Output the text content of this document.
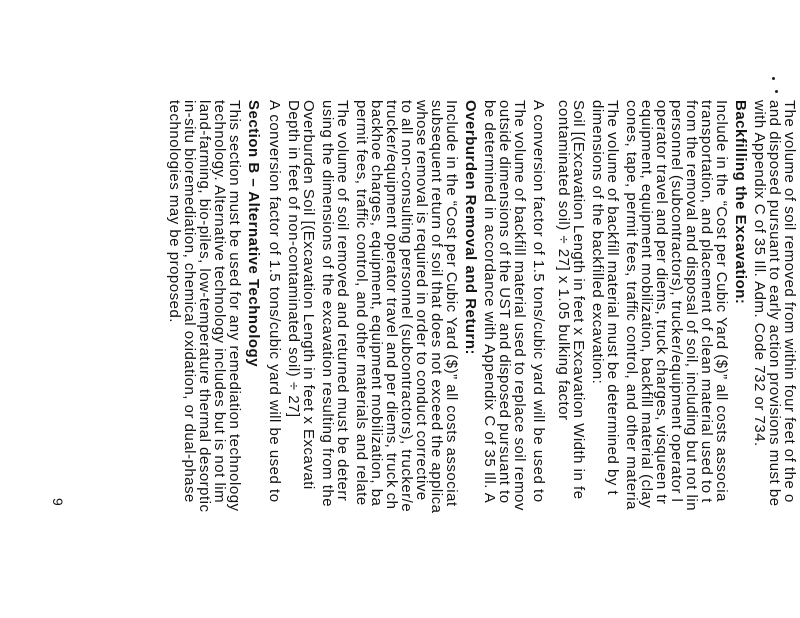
The volume of soil removed from within four feet of the o
and disposed pursuant to early action provisions must be
with Appendix C of 35 Ill. Adm. Code 732 or 734.
Backfilling the Excavation:
Include in the “Cost per Cubic Yard ($)” all costs associa
transportation, and placement of clean material used to t
from the removal and disposal of soil, including but not lin
personnel (subcontractors), trucker/equipment operator l
operator travel and per diems, truck charges, visqueen tr
equipment, equipment mobilization, backfill material (clay
cones, tape, permit fees, traffic control, and other materia
The volume of backfill material must be determined by t
dimensions of the backfilled excavation:
Soil [(Excavation Length in feet x Excavation Width in fe
contaminated soil) ÷ 27] x 1.05 bulking factor
A conversion factor of 1.5 tons/cubic yard will be used to
The volume of backfill material used to replace soil remov
outside dimensions of the UST and disposed pursuant to
be determined in accordance with Appendix C of 35 Ill. A
Overburden Removal and Return:
Include in the “Cost per Cubic Yard ($)” all costs associat
subsequent return of soil that does not exceed the applica
whose removal is required in order to conduct corrective
to all non-consulting personnel (subcontractors), trucker/e
trucker/equipment operator travel and per diems, truck ch
backhoe charges, equipment, equipment mobilization, ba
permit fees, traffic control, and other materials and relate
The volume of soil removed and returned must be deterr
using the dimensions of the excavation resulting from the
Overburden Soil [(Excavation Length in feet x Excavati
Depth in feet of non-contaminated soil) ÷ 27]
A conversion factor of 1.5 tons/cubic yard will be used to
Section B – Alternative Technology
This section must be used for any remediation technology
technology. Alternative technology includes but is not lim
land-farming, bio-piles, low-temperature thermal desorptic
in-situ bioremediation, chemical oxidation, or dual-phase
technologies may be proposed.
9
